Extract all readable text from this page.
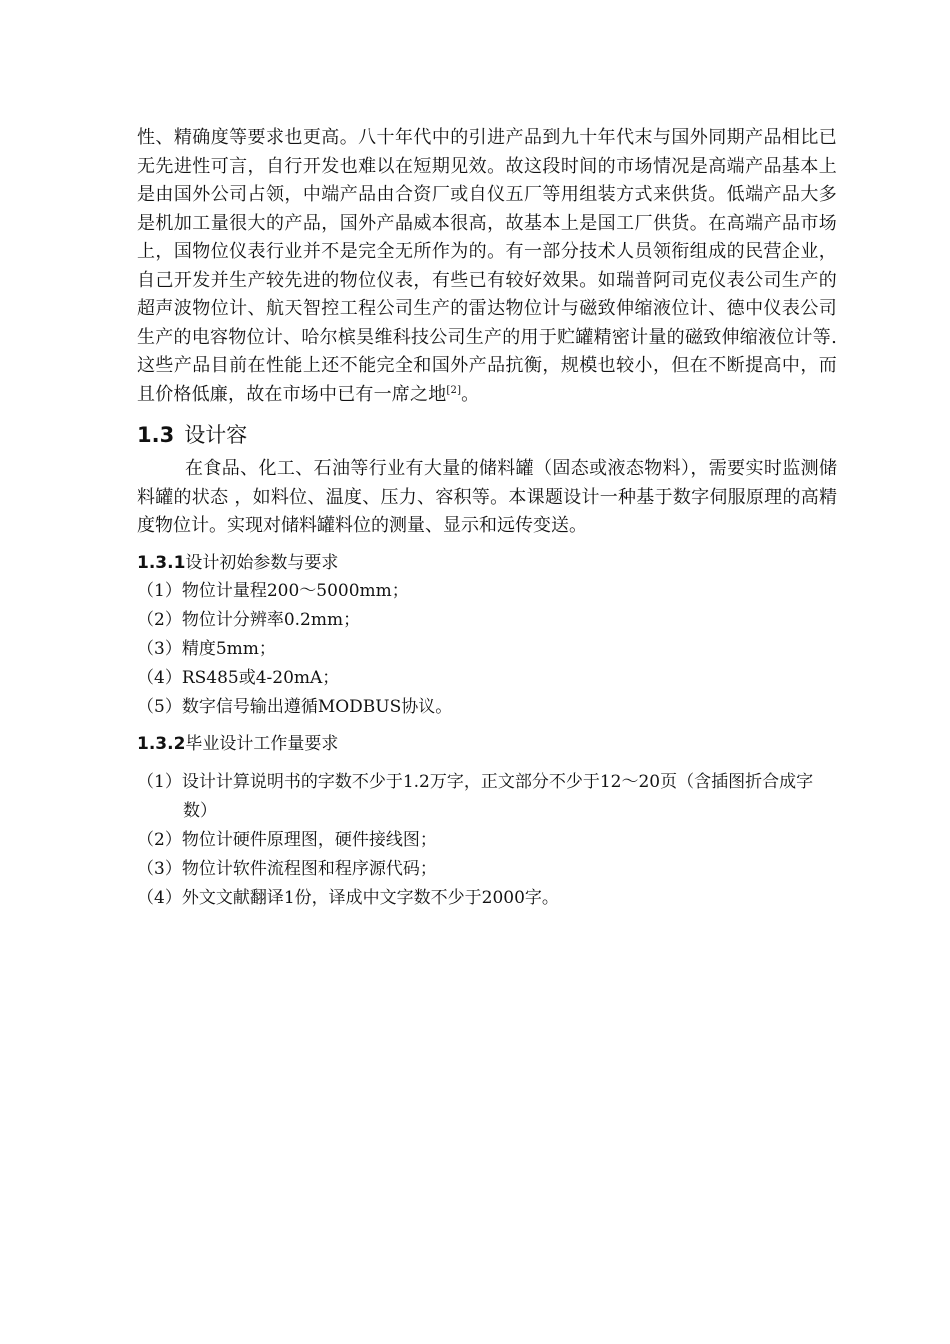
性、精确度等要求也更高。八十年代中的引进产品到九十年代末与国外同期产品相比已无先进性可言，自行开发也难以在短期见效。故这段时间的市场情况是高端产品基本上是由国外公司占领，中端产品由合资厂或自仪五厂等用组装方式来供货。低端产品大多是机加工量很大的产品，国外产晶威本很高，故基本上是国工厂供货。在高端产品市场上，国物位仪表行业并不是完全无所作为的。有一部分技术人员领衔组成的民营企业，自己开发并生产较先进的物位仪表，有些已有较好效果。如瑞普阿司克仪表公司生产的超声波物位计、航天智控工程公司生产的雷达物位计与磁致伸缩液位计、德中仪表公司生产的电容物位计、哈尔槟昊维科技公司生产的用于贮罐精密计量的磁致伸缩液位计等.这些产品目前在性能上还不能完全和国外产品抗衡，规模也较小，但在不断提高中，而且价格低廉，故在市场中已有一席之地[2]。

1.3 设计容

在食品、化工、石油等行业有大量的储料罐（固态或液态物料），需要实时监测储料罐的状态 ，如料位、温度、压力、容积等。本课题设计一种基于数字伺服原理的高精度物位计。实现对储料罐料位的测量、显示和远传变送。

1.3.1设计初始参数与要求
（1）物位计量程200～5000mm；
（2）物位计分辨率0.2mm；
（3）精度5mm；
（4）RS485或4-20mA；
（5）数字信号输出遵循MODBUS协议。
1.3.2毕业设计工作量要求
（1）设计计算说明书的字数不少于1.2万字，正文部分不少于12～20页（含插图折合成字数）
（2）物位计硬件原理图，硬件接线图；
（3）物位计软件流程图和程序源代码；
（4）外文文献翻译1份，译成中文字数不少于2000字。
